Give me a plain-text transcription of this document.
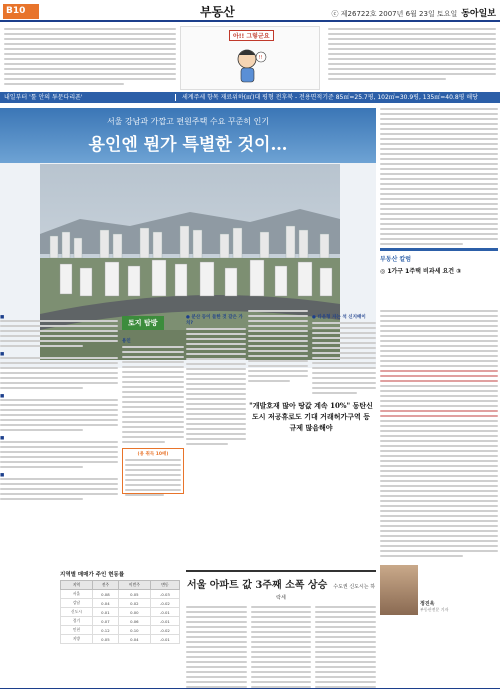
B10	부동산	ⓒ 제26722호 2007년 6월 23일 토요일 동아일보
아!! 그렇군요
!!
내일부터 '툴 안의 투문다리폰'	세계주세 항목 재료위하(㎡)대 평형 전후북 - 전용면적기준 85㎡=25.7평, 102㎡=30.9평, 135㎡=40.8평 해당
서울 강남과 가깝고 편원주택 수요 꾸준히 인기
용인엔 뭔가 특별한 것이…
부동산 칼럼
◎ 1가구 1주택 비과세 요건 ③
정진욱
부동산전문 기자
■
■
■
■
■
토지 탐방
용인
● 분산 등이 들한 것 같은 가치?
● 타운형 자는 석 신지배이
"개발호재 많아 땅값 계속 10%" 동탄신도시 저공휴로도 기대 거래허가구역 등 규제 많음해야
(용 취득 10배)
지역별 매매가 주인 현동률
지역	전주	이번주	변동
서울	0.08	0.05	-0.03
강남	0.04	0.02	-0.02
신도시	0.01	0.00	-0.01
경기	0.07	0.06	-0.01
인천	0.12	0.10	-0.02
지방	0.05	0.04	-0.01
서울 아파트 값 3주째 소폭 상승 수도권 신도시는 하락세
